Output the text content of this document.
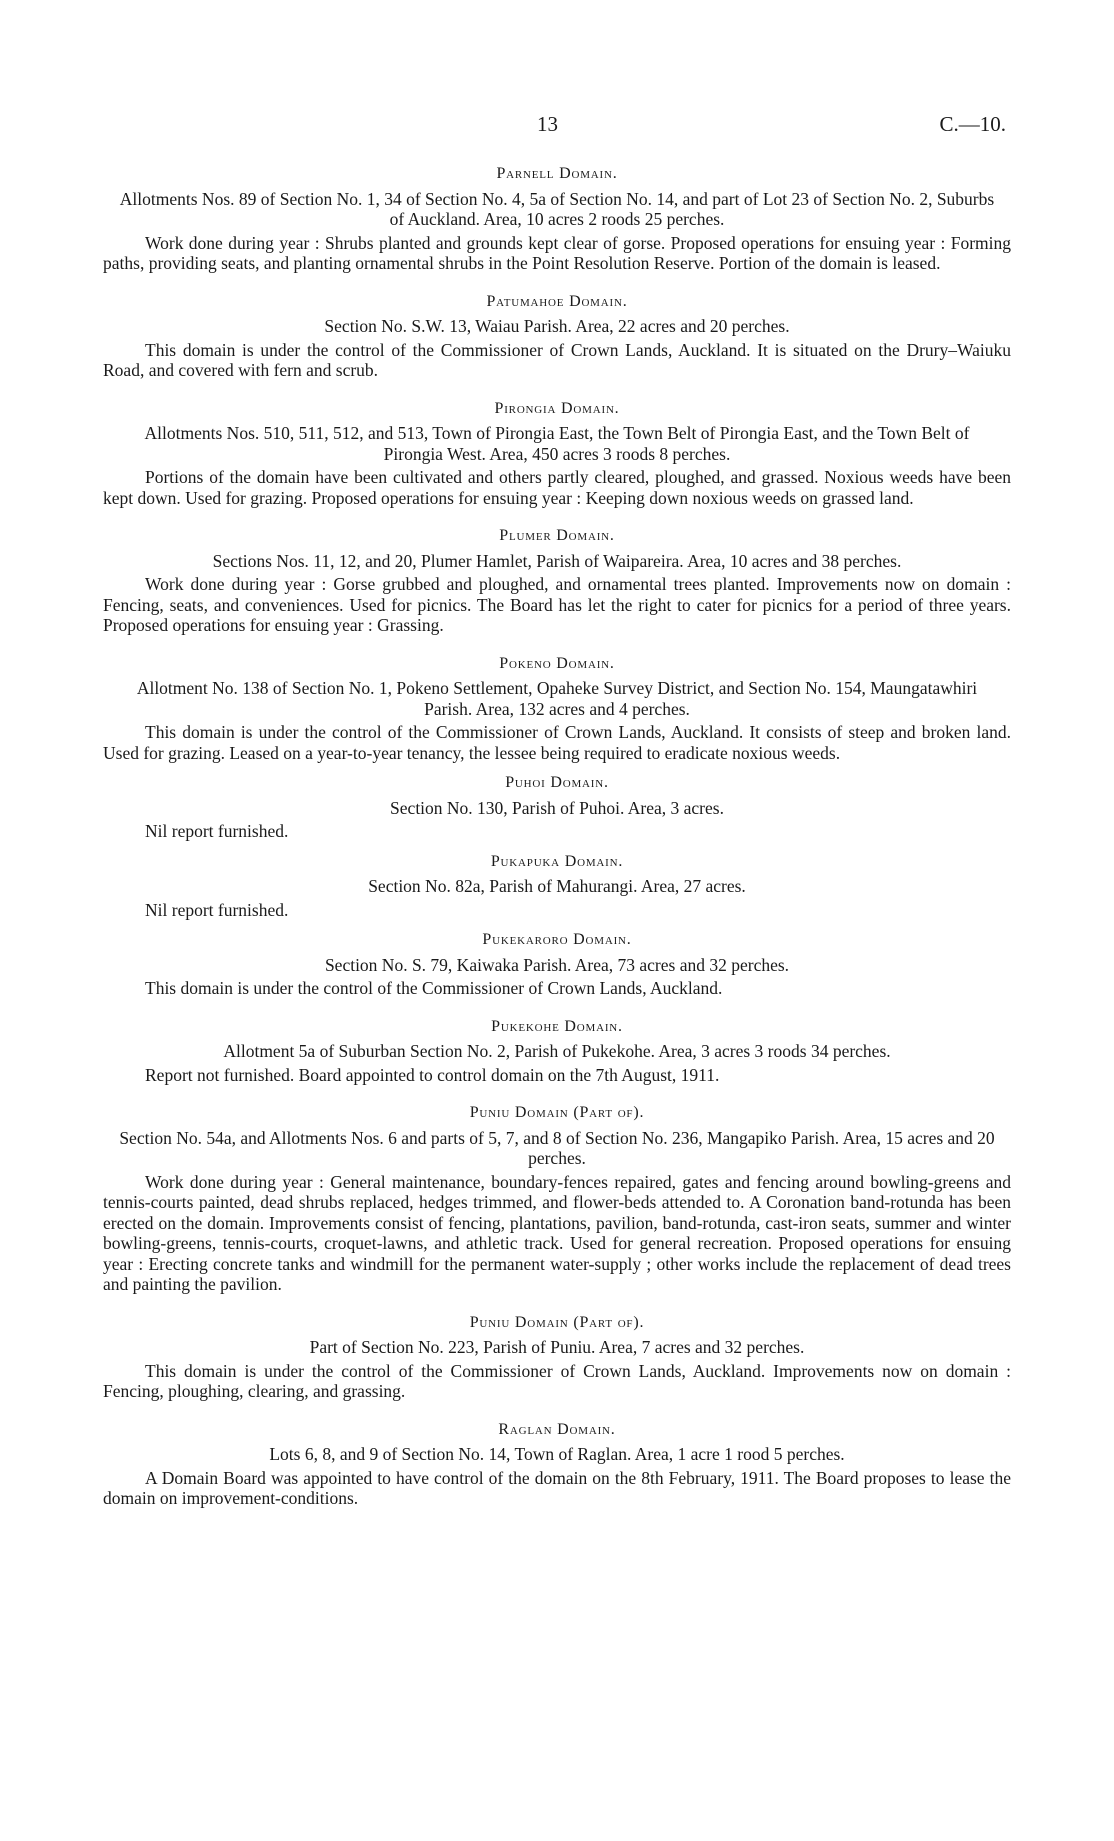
13	C.—10.
Parnell Domain.
Allotments Nos. 89 of Section No. 1, 34 of Section No. 4, 5a of Section No. 14, and part of Lot 23 of Section No. 2, Suburbs of Auckland. Area, 10 acres 2 roods 25 perches.

Work done during year : Shrubs planted and grounds kept clear of gorse. Proposed operations for ensuing year : Forming paths, providing seats, and planting ornamental shrubs in the Point Resolution Reserve. Portion of the domain is leased.

Patumahoe Domain.
Section No. S.W. 13, Waiau Parish. Area, 22 acres and 20 perches.

This domain is under the control of the Commissioner of Crown Lands, Auckland. It is situated on the Drury–Waiuku Road, and covered with fern and scrub.

Pirongia Domain.
Allotments Nos. 510, 511, 512, and 513, Town of Pirongia East, the Town Belt of Pirongia East, and the Town Belt of Pirongia West. Area, 450 acres 3 roods 8 perches.

Portions of the domain have been cultivated and others partly cleared, ploughed, and grassed. Noxious weeds have been kept down. Used for grazing. Proposed operations for ensuing year : Keeping down noxious weeds on grassed land.

Plumer Domain.
Sections Nos. 11, 12, and 20, Plumer Hamlet, Parish of Waipareira. Area, 10 acres and 38 perches.

Work done during year : Gorse grubbed and ploughed, and ornamental trees planted. Improvements now on domain : Fencing, seats, and conveniences. Used for picnics. The Board has let the right to cater for picnics for a period of three years. Proposed operations for ensuing year : Grassing.

Pokeno Domain.
Allotment No. 138 of Section No. 1, Pokeno Settlement, Opaheke Survey District, and Section No. 154, Maungatawhiri Parish. Area, 132 acres and 4 perches.

This domain is under the control of the Commissioner of Crown Lands, Auckland. It consists of steep and broken land. Used for grazing. Leased on a year-to-year tenancy, the lessee being required to eradicate noxious weeds.

Puhoi Domain.
Section No. 130, Parish of Puhoi. Area, 3 acres.
Nil report furnished.
Pukapuka Domain.
Section No. 82a, Parish of Mahurangi. Area, 27 acres.
Nil report furnished.
Pukekaroro Domain.
Section No. S. 79, Kaiwaka Parish. Area, 73 acres and 32 perches.
This domain is under the control of the Commissioner of Crown Lands, Auckland.
Pukekohe Domain.
Allotment 5a of Suburban Section No. 2, Parish of Pukekohe. Area, 3 acres 3 roods 34 perches.
Report not furnished. Board appointed to control domain on the 7th August, 1911.
Puniu Domain (Part of).
Section No. 54a, and Allotments Nos. 6 and parts of 5, 7, and 8 of Section No. 236, Mangapiko Parish. Area, 15 acres and 20 perches.

Work done during year : General maintenance, boundary-fences repaired, gates and fencing around bowling-greens and tennis-courts painted, dead shrubs replaced, hedges trimmed, and flower-beds attended to. A Coronation band-rotunda has been erected on the domain. Improvements consist of fencing, plantations, pavilion, band-rotunda, cast-iron seats, summer and winter bowling-greens, tennis-courts, croquet-lawns, and athletic track. Used for general recreation. Proposed operations for ensuing year : Erecting concrete tanks and windmill for the permanent water-supply ; other works include the replacement of dead trees and painting the pavilion.

Puniu Domain (Part of).
Part of Section No. 223, Parish of Puniu. Area, 7 acres and 32 perches.

This domain is under the control of the Commissioner of Crown Lands, Auckland. Improvements now on domain : Fencing, ploughing, clearing, and grassing.

Raglan Domain.
Lots 6, 8, and 9 of Section No. 14, Town of Raglan. Area, 1 acre 1 rood 5 perches.

A Domain Board was appointed to have control of the domain on the 8th February, 1911. The Board proposes to lease the domain on improvement-conditions.
